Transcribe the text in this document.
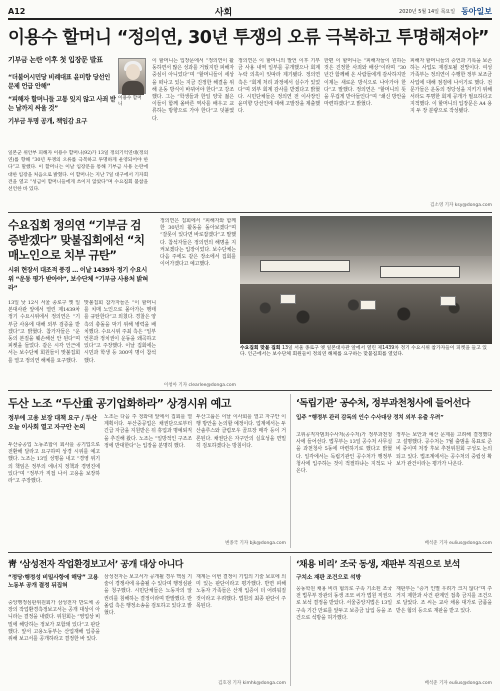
A12	사회	2020년 5월 14일 목요일 동아일보
이용수 할머니 “정의연, 30년 투쟁의 오류 극복하고 투명해져야”
기부금 논란 이후 첫 입장문 발표
“더불어시민당 비례대표 윤미향 당선인 문제 언급 안해”
“피해자 할머니들 고통 잊지 않고 사죄 받는 날까지 싸울 것”
기부금 투명 공개, 책임감 요구
이용수 할머니

일본군 위안부 피해자 이용수 할머니(92)가 13일 정의기억연대(정의연)를 향해 “30년 투쟁의 오류를 극복하고 투명하게 운영되어야 한다”고 말했다. 이 할머니는 이날 입장문을 통해 기부금 사용 논란에 대한 입장을 처음으로 밝혔다. 이 할머니는 지난 7일 대구에서 기자회견을 열고 “성금이 할머니들에게 쓰이지 않았다”며 수요집회 불참을 선언한 바 있다.

이 할머니는 입장문에서 “정의연이 활동하면서 많은 성과를 거뒀지만 피해자 중심이 아니었다”며 “할머니들이 세상을 떠나고 있는 지금 진정한 해결을 위해 운동 방식이 바뀌어야 한다”고 강조했다. 그는 “학생들과 한일 양국 젊은이들이 함께 올바른 역사를 배우고 교류하는 방향으로 가야 한다”고 덧붙였다.

정의연은 이 할머니의 발언 이후 기부금 사용 내역 일부를 공개했으나 회계 누락 의혹이 잇따라 제기됐다. 정의연 측은 “회계 처리 과정에서 실수가 있었다”며 외부 회계 감사를 받겠다고 밝혔다. 시민단체들은 정의연 전 이사장인 윤미향 당선인에 대해 고발장을 제출했다.

한편 이 할머니는 “피해자들이 원하는 것은 진정한 사죄와 배상”이라며 “30년간 함께해 온 사람들에게 감사하지만 이제는 새로운 방식으로 나아가야 한다”고 말했다. 정의연은 “할머니의 뜻을 무겁게 받아들인다”며 “쇄신 방안을 마련하겠다”고 밝혔다.

피해자 할머니들의 증언과 기록을 보존하는 사업도 재검토될 전망이다. 여성가족부는 정의연이 수행한 정부 보조금 사업에 대해 점검에 나서기로 했다. 전문가들은 운동의 정당성을 지키기 위해서라도 투명한 회계 공개가 필요하다고 지적했다. 이 할머니의 입장문은 A4 용지 두 장 분량으로 작성됐다.

김소영 기자 ksy@donga.com
수요집회 정의연 “기부금 검증받겠다” 맞불집회에선 “치매노인으로 치부 규탄”
시위 현장서 대조적 풍경 … 이날 1439차 정기 수요시위 “운동 평가 받아야”, 보수단체 “기부금 사용처 밝혀라”

13일 낮 12시 서울 종로구 옛 일본대사관 앞에서 열린 제1439차 정기 수요시위에서 정의연은 “기부금 사용에 대해 외부 검증을 받겠다”고 밝혔다. 참가자들은 “운동의 본질을 훼손해선 안 된다”며 피켓을 들었다. 같은 시각 인근에서는 보수단체 회원들이 맞불집회를 열고 정의연 해체를 요구했다.

맞불집회 참가자들은 “이 할머니를 치매 노인으로 몰아가는 행태를 규탄한다”고 외쳤다. 경찰은 양측의 충돌을 막기 위해 병력을 배치했다. 수요시위 주최 측은 “일부 언론과 정치권이 운동을 왜곡하고 있다”고 주장했다. 이날 집회에는 시민과 학생 등 300여 명이 참석했다.

정의연은 집회에서 “피해자와 함께한 30년의 활동을 돌아보겠다”며 “잘못이 있다면 바로잡겠다”고 말했다. 참석자들은 정의연의 해명을 지켜보겠다는 입장이었다. 보수단체는 다음 주에도 같은 장소에서 집회를 이어가겠다고 예고했다.

수요집회 맞불 집회 13일 서울 종로구 옛 일본대사관 앞에서 열린 제1439차 정기 수요시위 참가자들이 피켓을 들고 있다. 인근에서는 보수단체 회원들이 정의연 해체를 요구하는 맞불집회를 열었다.

이청아 기자 clearlee@donga.com
두산 노조 “두산重 공기업화하라” 상경시위 예고
정부에 고용 보장 대책 요구 / 두산 오늘 이사회 열고 자구안 논의

두산중공업 노동조합이 회사를 공기업으로 전환해 달라고 요구하며 상경 시위를 예고했다. 노조는 13일 성명을 내고 “경영 위기의 책임은 정부의 에너지 정책과 경영진에 있다”며 “정부가 직접 나서 고용을 보장하라”고 주장했다.

노조는 다음 주 청와대 앞에서 집회를 열 계획이다. 두산중공업은 채권단으로부터 긴급 자금을 지원받은 뒤 휴업과 명예퇴직을 추진해 왔다. 노조는 “일방적인 구조조정에 반대한다”는 입장을 분명히 했다.

두산그룹은 이날 이사회를 열고 자구안 이행 방안을 논의할 예정이다. 업계에서는 두산솔루스와 클럽모우 골프장 매각 등이 거론된다. 채권단은 자구안의 실효성을 면밀히 검토하겠다는 방침이다.

변종국 기자 bjk@donga.com
‘독립기관’ 공수처, 정부과천청사에 들어선다
입주 “행정부 관리 감독의 인수 수사대상 정치 외부 유출 우려”

고위공직자범죄수사처(공수처)가 정부과천청사에 들어선다. 법무부는 13일 공수처 사무실을 과천청사 5동에 마련하기로 했다고 밝혔다. 일각에서는 독립기관인 공수처가 행정부 청사에 입주하는 것이 적절하냐는 지적도 나온다.

정부는 보안과 예산 문제를 고려해 결정했다고 설명했다. 공수처는 7월 출범을 목표로 준비 중이며 처장 후보 추천위원회 구성도 논의되고 있다. 법조계에서는 공수처의 중립성 확보가 관건이라는 평가가 나온다.

배석준 기자 eulius@donga.com
靑 ‘삼성전자 작업환경보고서’ 공개 대상 아니다
“정당·행정성 비밀사항에 해당” 고용노동부 공개 결정 뒤집혀

중앙행정심판위원회가 삼성전자 반도체 공장의 작업환경측정보고서는 공개 대상이 아니라는 결정을 내렸다. 위원회는 “영업상 비밀에 해당하는 정보가 포함돼 있다”고 판단했다. 앞서 고용노동부는 산업재해 입증을 위해 보고서를 공개하라고 결정한 바 있다.

삼성전자는 보고서가 공개될 경우 핵심 기술이 경쟁사에 유출될 수 있다며 행정심판을 청구했다. 시민단체들은 노동자의 알 권리를 침해하는 결정이라며 반발했다. 반올림 측은 행정소송을 검토하고 있다고 밝혔다.

재계는 이번 결정이 기업의 기술 보호에 의미 있는 판단이라고 평가했다. 반면 피해 노동자 가족들은 산재 입증이 더 어려워질 것이라고 우려했다. 법원의 최종 판단이 주목된다.

김호경 기자 kimhk@donga.com
‘채용 비리’ 조국 동생, 재판부 직권으로 보석
구치소 재판 조건으로 석방

웅동학원 채용 비리 혐의로 구속 기소된 조국 전 법무부 장관의 동생 조모 씨가 법원 직권으로 보석 결정을 받았다. 서울중앙지법은 13일 구속 기간 만료를 앞두고 보증금 납입 등을 조건으로 석방을 허가했다.

재판부는 “증거 인멸 우려가 크지 않다”며 주거지 제한과 사건 관계인 접촉 금지를 조건으로 달았다. 조 씨는 교사 채용 대가로 금품을 받은 혐의 등으로 재판을 받고 있다.

배석준 기자 eulius@donga.com
